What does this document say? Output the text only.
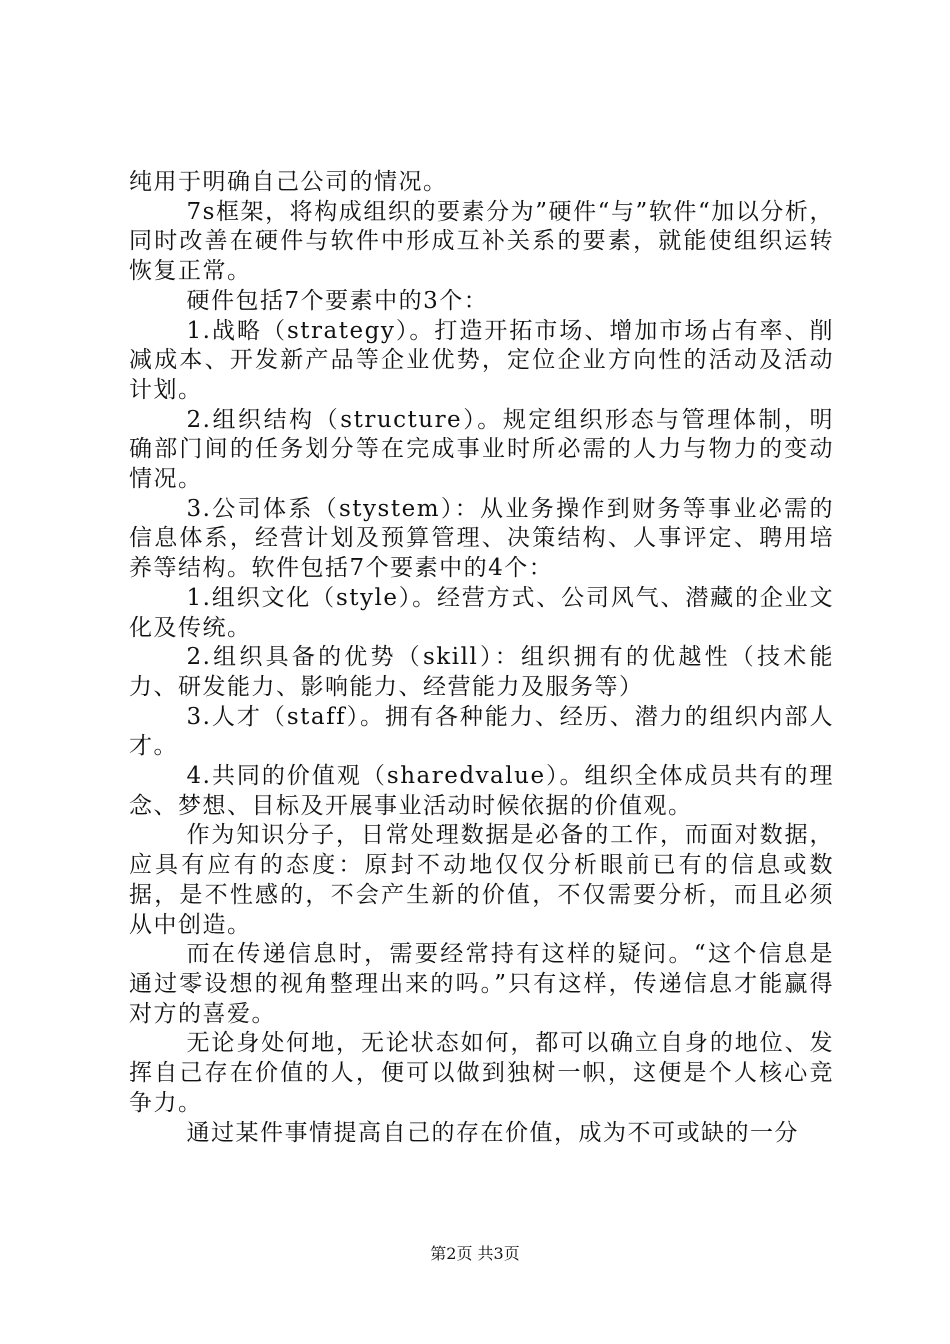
纯用于明确自己公司的情况。

7s框架，将构成组织的要素分为”硬件“与”软件“加以分析，同时改善在硬件与软件中形成互补关系的要素，就能使组织运转恢复正常。

硬件包括7个要素中的3个：

1.战略（strategy）。打造开拓市场、增加市场占有率、削减成本、开发新产品等企业优势，定位企业方向性的活动及活动计划。

2.组织结构（structure）。规定组织形态与管理体制，明确部门间的任务划分等在完成事业时所必需的人力与物力的变动情况。

3.公司体系（stystem）：从业务操作到财务等事业必需的信息体系，经营计划及预算管理、决策结构、人事评定、聘用培养等结构。软件包括7个要素中的4个：

1.组织文化（style）。经营方式、公司风气、潜藏的企业文化及传统。

2.组织具备的优势（skill）：组织拥有的优越性（技术能力、研发能力、影响能力、经营能力及服务等）

3.人才（staff）。拥有各种能力、经历、潜力的组织内部人才。

4.共同的价值观（sharedvalue）。组织全体成员共有的理念、梦想、目标及开展事业活动时候依据的价值观。

作为知识分子，日常处理数据是必备的工作，而面对数据，应具有应有的态度：原封不动地仅仅分析眼前已有的信息或数据，是不性感的，不会产生新的价值，不仅需要分析，而且必须从中创造。

而在传递信息时，需要经常持有这样的疑问。“这个信息是通过零设想的视角整理出来的吗。”只有这样，传递信息才能赢得对方的喜爱。

无论身处何地，无论状态如何，都可以确立自身的地位、发挥自己存在价值的人，便可以做到独树一帜，这便是个人核心竞争力。

通过某件事情提高自己的存在价值，成为不可或缺的一分

第2页 共3页
